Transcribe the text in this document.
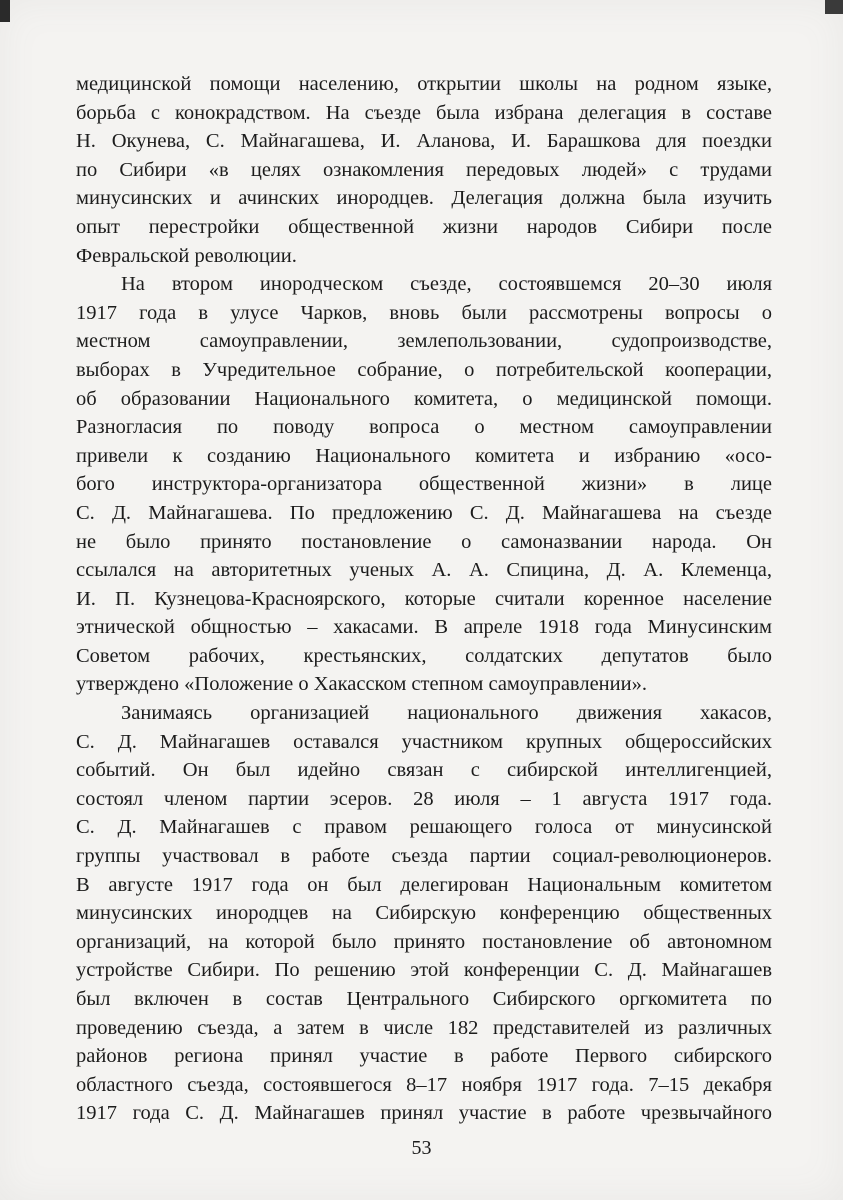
медицинской помощи населению, открытии школы на родном языке,
борьба с конокрадством. На съезде была избрана делегация в составе
Н. Окунева, С. Майнагашева, И. Аланова, И. Барашкова для поездки
по Сибири «в целях ознакомления передовых людей» с трудами
минусинских и ачинских инородцев. Делегация должна была изучить
опыт перестройки общественной жизни народов Сибири после
Февральской революции.

На втором инородческом съезде, состоявшемся 20–30 июля
1917 года в улусе Чарков, вновь были рассмотрены вопросы о
местном самоуправлении, землепользовании, судопроизводстве,
выборах в Учредительное собрание, о потребительской кооперации,
об образовании Национального комитета, о медицинской помощи.
Разногласия по поводу вопроса о местном самоуправлении
привели к созданию Национального комитета и избранию «осо-
бого инструктора-организатора общественной жизни» в лице
С. Д. Майнагашева. По предложению С. Д. Майнагашева на съезде
не было принято постановление о самоназвании народа. Он
ссылался на авторитетных ученых А. А. Спицина, Д. А. Клеменца,
И. П. Кузнецова-Красноярского, которые считали коренное население
этнической общностью – хакасами. В апреле 1918 года Минусинским
Советом рабочих, крестьянских, солдатских депутатов было
утверждено «Положение о Хакасском степном самоуправлении».

Занимаясь организацией национального движения хакасов,
С. Д. Майнагашев оставался участником крупных общероссийских
событий. Он был идейно связан с сибирской интеллигенцией,
состоял членом партии эсеров. 28 июля – 1 августа 1917 года.
С. Д. Майнагашев с правом решающего голоса от минусинской
группы участвовал в работе съезда партии социал-революционеров.
В августе 1917 года он был делегирован Национальным комитетом
минусинских инородцев на Сибирскую конференцию общественных
организаций, на которой было принято постановление об автономном
устройстве Сибири. По решению этой конференции С. Д. Майнагашев
был включен в состав Центрального Сибирского оргкомитета по
проведению съезда, а затем в числе 182 представителей из различных
районов региона принял участие в работе Первого сибирского
областного съезда, состоявшегося 8–17 ноября 1917 года. 7–15 декабря
1917 года С. Д. Майнагашев принял участие в работе чрезвычайного

53
